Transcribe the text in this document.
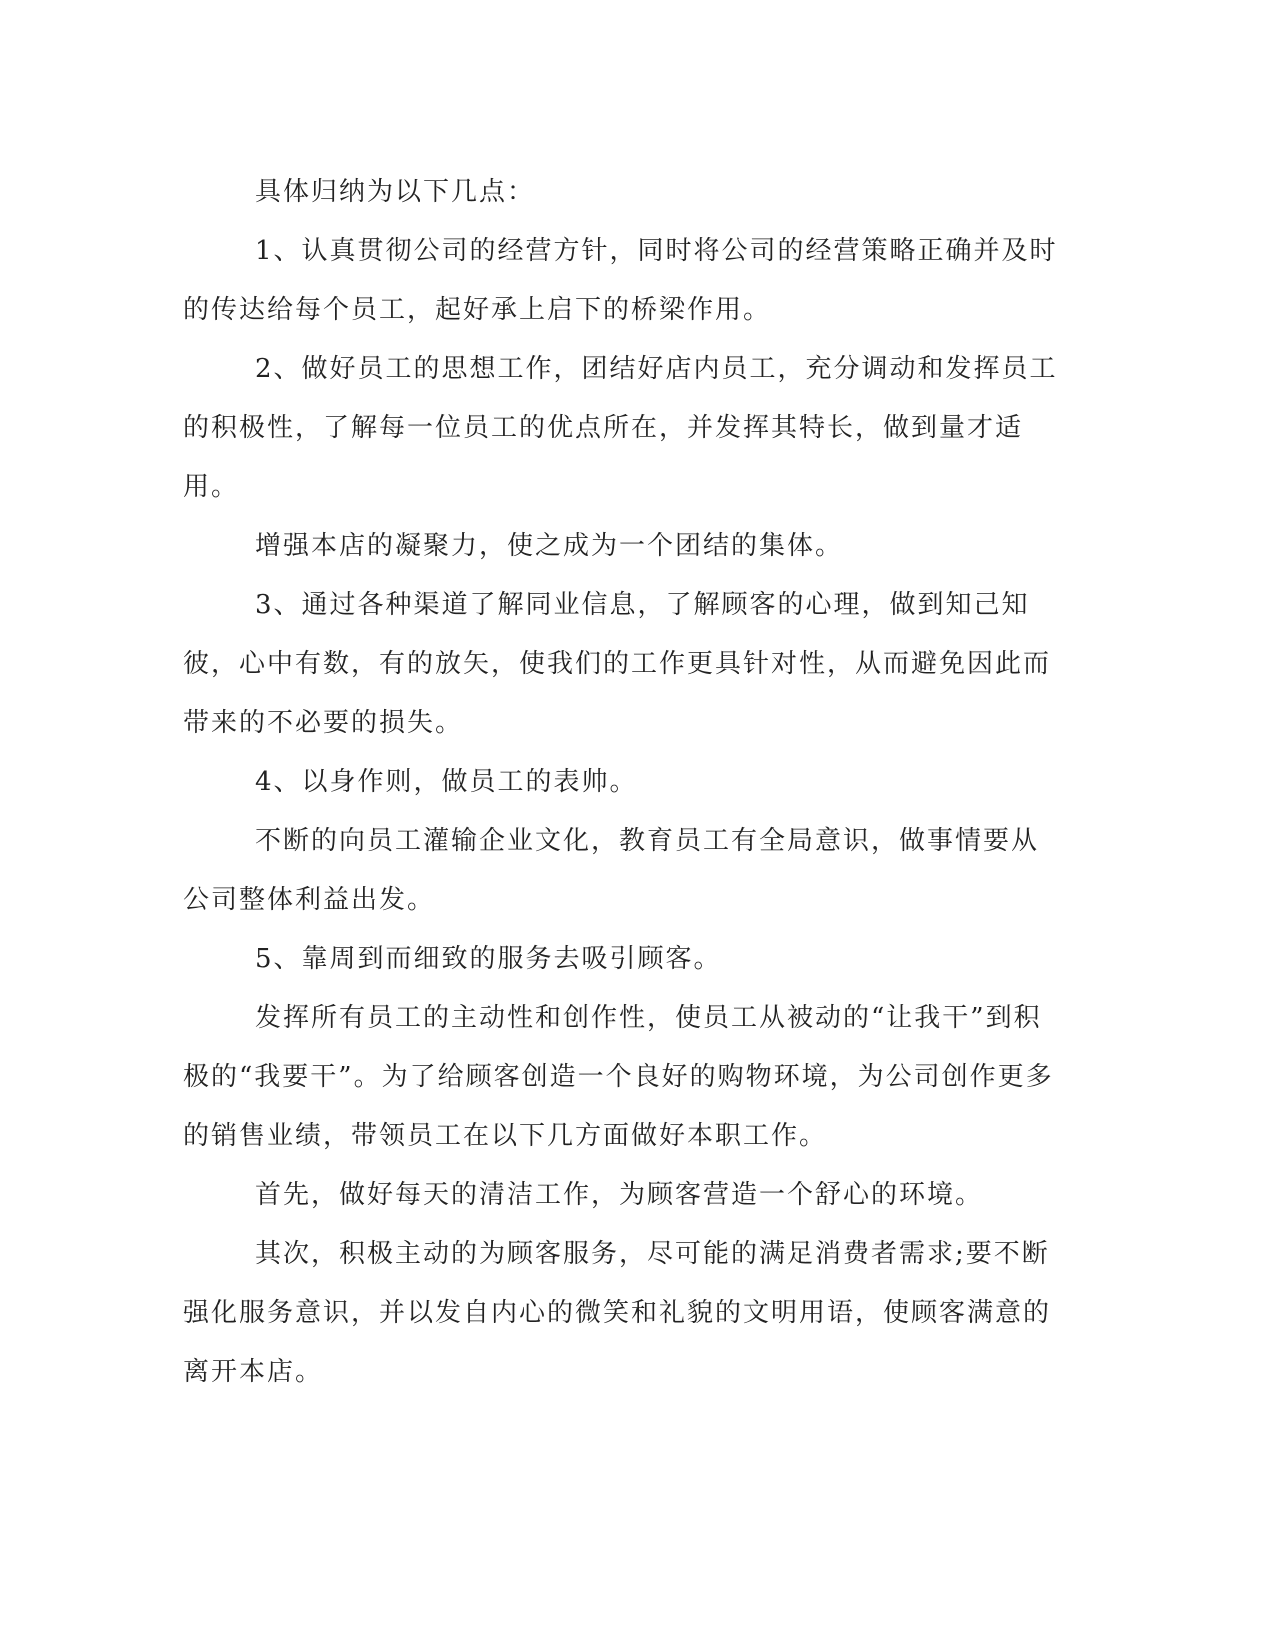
具体归纳为以下几点：

1、认真贯彻公司的经营方针，同时将公司的经营策略正确并及时的传达给每个员工，起好承上启下的桥梁作用。

2、做好员工的思想工作，团结好店内员工，充分调动和发挥员工的积极性，了解每一位员工的优点所在，并发挥其特长，做到量才适用。

增强本店的凝聚力，使之成为一个团结的集体。

3、通过各种渠道了解同业信息，了解顾客的心理，做到知己知彼，心中有数，有的放矢，使我们的工作更具针对性，从而避免因此而带来的不必要的损失。

4、以身作则，做员工的表帅。

不断的向员工灌输企业文化，教育员工有全局意识，做事情要从公司整体利益出发。

5、靠周到而细致的服务去吸引顾客。

发挥所有员工的主动性和创作性，使员工从被动的“让我干”到积极的“我要干”。为了给顾客创造一个良好的购物环境，为公司创作更多的销售业绩，带领员工在以下几方面做好本职工作。

首先，做好每天的清洁工作，为顾客营造一个舒心的环境。

其次，积极主动的为顾客服务，尽可能的满足消费者需求;要不断强化服务意识，并以发自内心的微笑和礼貌的文明用语，使顾客满意的离开本店。
